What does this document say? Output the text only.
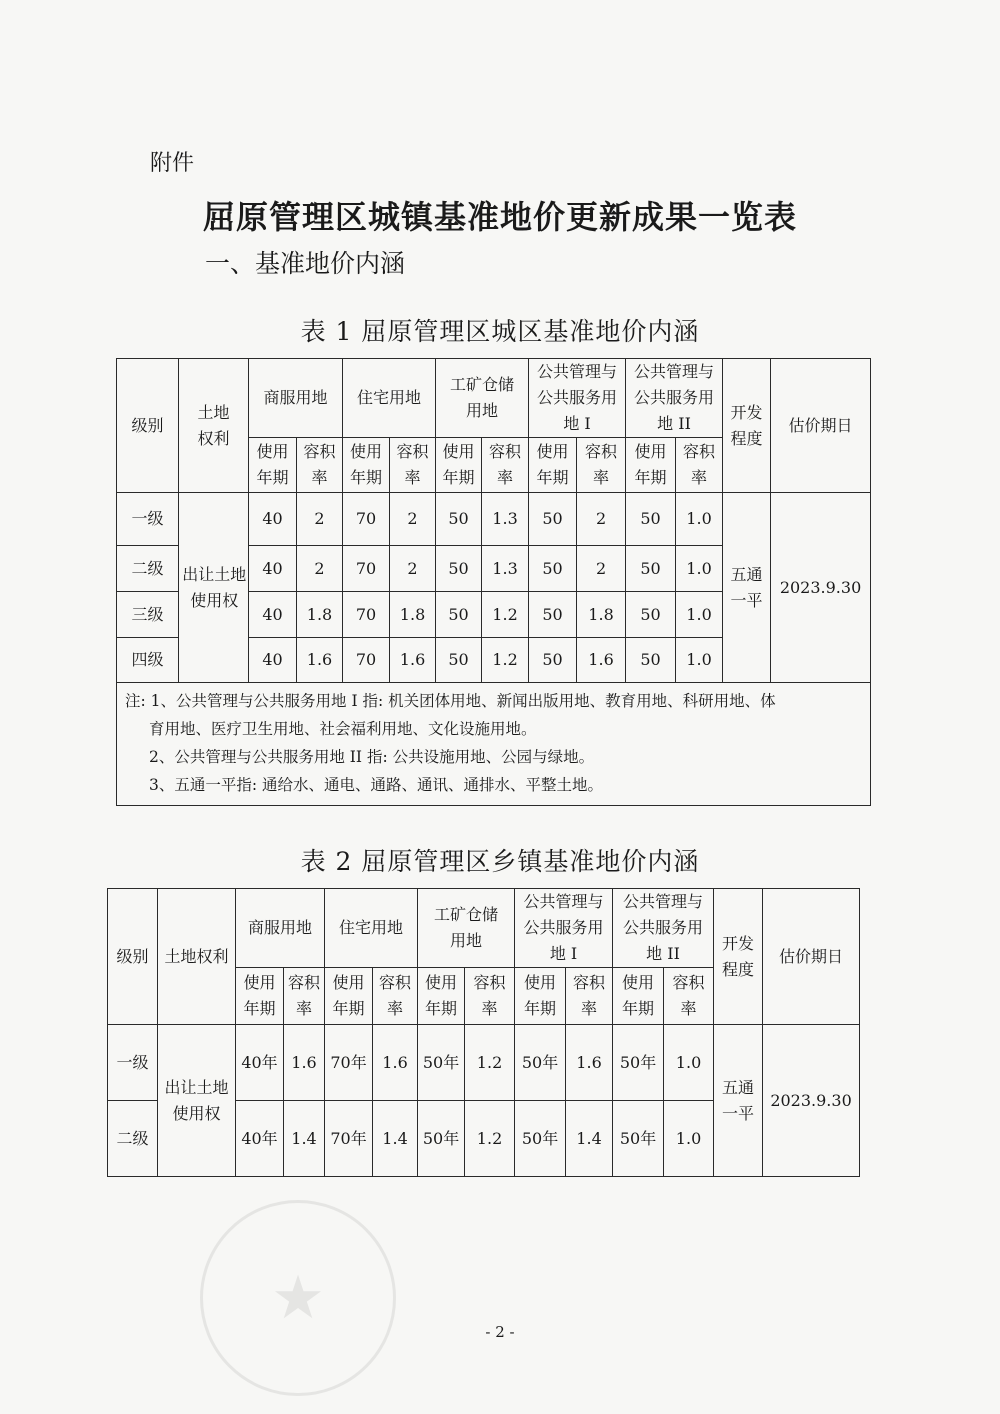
★
附件
屈原管理区城镇基准地价更新成果一览表
一、基准地价内涵
表 1 屈原管理区城区基准地价内涵
级别	土地权利	商服用地		住宅用地		工矿仓储用地		公共管理与公共服务用地 I		公共管理与公共服务用地 II		开发程度	估价期日

		使用年期	容积率	使用年期	容积率	使用年期	容积率	使用年期	容积率	使用年期	容积率		

一级	出让土地使用权	40	2	70	2	50	1.3	50	2	50	1.0	五通一平	2023.9.30
二级		40	2	70	2	50	1.3	50	2	50	1.0		
三级		40	1.8	70	1.8	50	1.2	50	1.8	50	1.0		
四级		40	1.6	70	1.6	50	1.2	50	1.6	50	1.0		

注: 1、公共管理与公共服务用地 I 指: 机关团体用地、新闻出版用地、教育用地、科研用地、体
育用地、医疗卫生用地、社会福利用地、文化设施用地。
2、公共管理与公共服务用地 II 指: 公共设施用地、公园与绿地。
3、五通一平指: 通给水、通电、通路、通讯、通排水、平整土地。													
表 2 屈原管理区乡镇基准地价内涵
级别	土地权利	商服用地		住宅用地		工矿仓储用地		公共管理与公共服务用地 I		公共管理与公共服务用地 II		开发程度	估价期日

		使用年期	容积率	使用年期	容积率	使用年期	容积率	使用年期	容积率	使用年期	容积率		

一级	出让土地使用权	40年	1.6	70年	1.6	50年	1.2	50年	1.6	50年	1.0	五通一平	2023.9.30
二级		40年	1.4	70年	1.4	50年	1.2	50年	1.4	50年	1.0		
- 2 -
